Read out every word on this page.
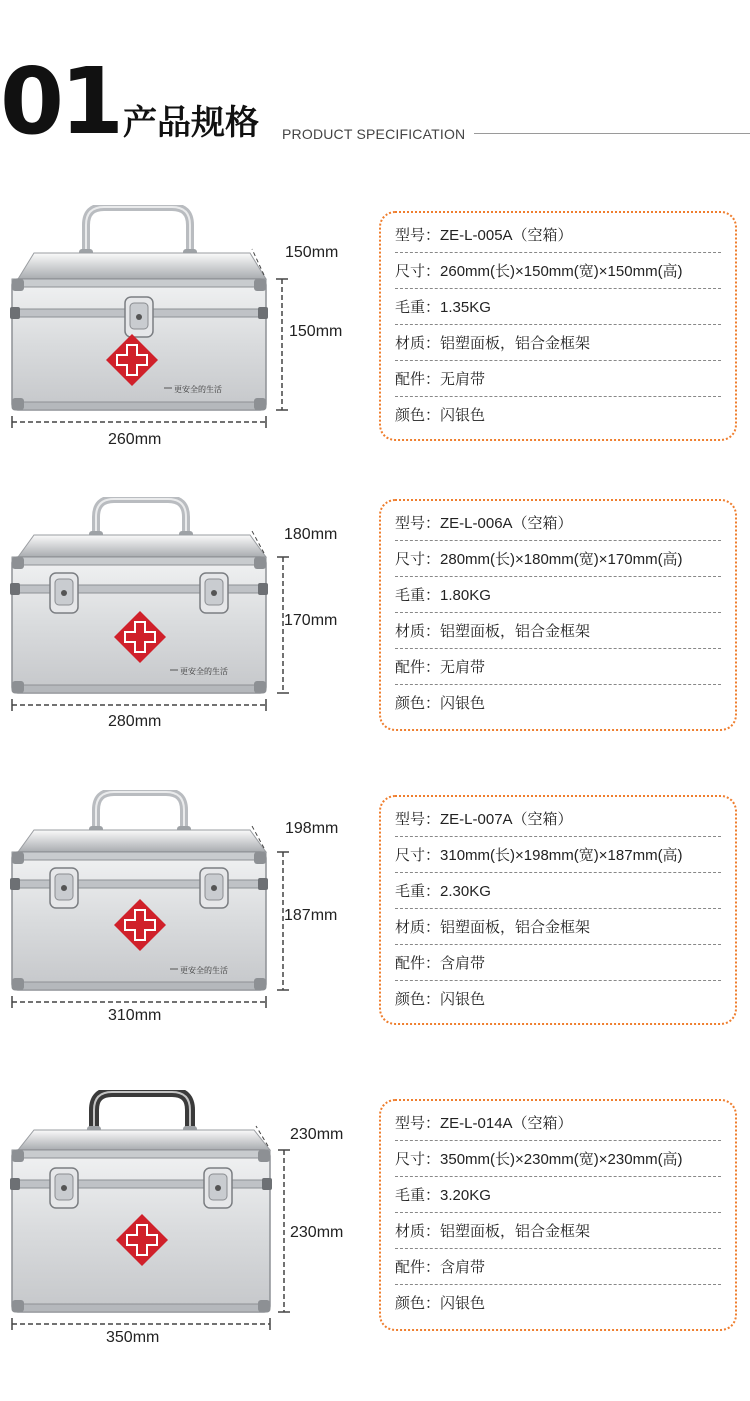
01 产品规格 PRODUCT SPECIFICATION
更安全的生活
150mm
150mm
260mm
型号：ZE-L-005A（空箱）
尺寸：260mm(长)×150mm(宽)×150mm(高)
毛重：1.35KG
材质：铝塑面板，铝合金框架
配件：无肩带
颜色：闪银色
更安全的生活
180mm
170mm
280mm
型号：ZE-L-006A（空箱）
尺寸：280mm(长)×180mm(宽)×170mm(高)
毛重：1.80KG
材质：铝塑面板，铝合金框架
配件：无肩带
颜色：闪银色
更安全的生活
198mm
187mm
310mm
型号：ZE-L-007A（空箱）
尺寸：310mm(长)×198mm(宽)×187mm(高)
毛重：2.30KG
材质：铝塑面板，铝合金框架
配件：含肩带
颜色：闪银色
230mm
230mm
350mm
型号：ZE-L-014A（空箱）
尺寸：350mm(长)×230mm(宽)×230mm(高)
毛重：3.20KG
材质：铝塑面板，铝合金框架
配件：含肩带
颜色：闪银色
